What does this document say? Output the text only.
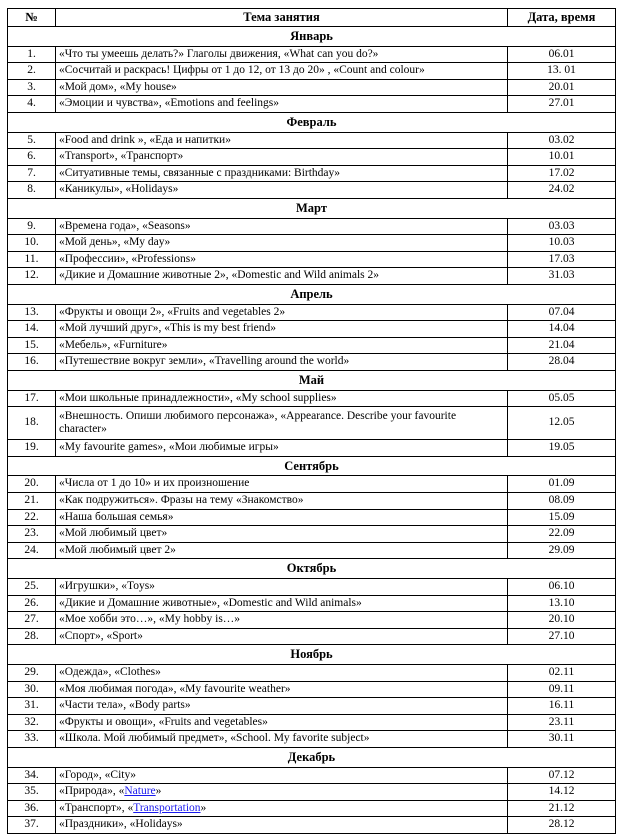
№	Тема занятия	Дата, время
Январь		
1.	«Что ты умеешь делать?» Глаголы движения, «What can you do?»	06.01
2.	«Сосчитай и раскрась! Цифры от 1 до 12, от 13 до 20» , «Count and colour»	13. 01
3.	«Мой дом», «My house»	20.01
4.	«Эмоции и чувства», «Emotions and feelings»	27.01
Февраль		
5.	«Food and drink », «Еда и напитки»	03.02
6.	«Transport», «Транспорт»	10.01
7.	«Ситуативные темы, связанные с праздниками: Birthday»	17.02
8.	«Каникулы», «Holidays»	24.02
Март		
9.	«Времена года», «Seasons»	03.03
10.	«Мой день», «My day»	10.03
11.	«Профессии», «Professions»	17.03
12.	«Дикие и Домашние животные 2», «Domestic and Wild animals 2»	31.03
Апрель		
13.	«Фрукты и овощи 2», «Fruits and vegetables 2»	07.04
14.	«Мой лучший друг», «This is my best friend»	14.04
15.	«Мебель», «Furniture»	21.04
16.	«Путешествие вокруг земли», «Travelling around the world»	28.04
Май		
17.	«Мои школьные принадлежности», «My school supplies»	05.05
18.	«Внешность. Опиши любимого персонажа», «Appearance. Describe your favourite character»	12.05
19.	«My favourite games», «Мои любимые игры»	19.05
Сентябрь		
20.	«Числа от 1 до 10» и их произношение	01.09
21.	«Как подружиться». Фразы на тему «Знакомство»	08.09
22.	«Наша большая семья»	15.09
23.	«Мой любимый цвет»	22.09
24.	«Мой любимый цвет 2»	29.09
Октябрь		
25.	«Игрушки», «Toys»	06.10
26.	«Дикие и Домашние животные», «Domestic and Wild animals»	13.10
27.	«Мое хобби это…», «My hobby is…»	20.10
28.	«Спорт», «Sport»	27.10
Ноябрь		
29.	«Одежда», «Clothes»	02.11
30.	«Моя любимая погода», «My favourite weather»	09.11
31.	«Части тела», «Body parts»	16.11
32.	«Фрукты и овощи», «Fruits and vegetables»	23.11
33.	«Школа. Мой любимый предмет», «School. My favorite subject»	30.11
Декабрь		
34.	«Город», «City»	07.12
35.	«Природа», «Nature»	14.12
36.	«Транспорт», «Transportation»	21.12
37.	«Праздники», «Holidays»	28.12
